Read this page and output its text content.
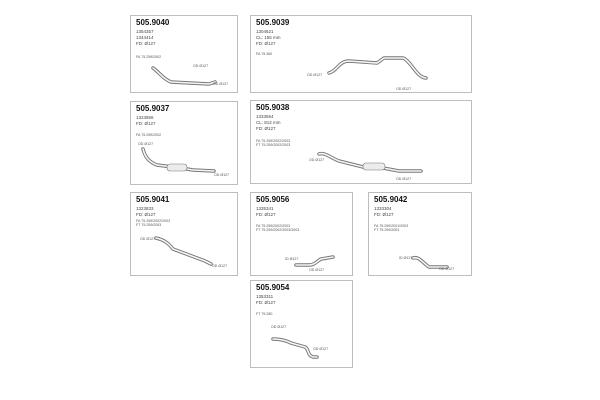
505.9040
1354357
1344414
FD: Ø127
FA 75.259/2002
OD Ø127
OD Ø127
505.9039
1304621
CL: 155 mm
FD: Ø127
FA 75.360
OD Ø127
OD Ø127
505.9037
1323856
FD: Ø127
FA 75.259/2002
OD Ø127
OD Ø127
505.9038
1333554
CL: 812 mm
FD: Ø127
FA 75.259/2002/2003
FT 75.259/2002/2003
OD Ø127
OD Ø127
505.9041
1323833
FD: Ø127
FA 75.259/2002/2003
FT 75.259/2003
OD Ø127
OD Ø127
505.9056
1335341
FD: Ø127
FA 75.259/2002/2003
FT 75.259/2002/2003/2003
ID Ø127
OD Ø127
505.9042
1333304
FD: Ø127
FA 75.259/2001/2003
FT 75.259/2003
ID Ø127
OD Ø127
505.9054
1353311
FD: Ø127
FT 75.280
OD Ø127
OD Ø127
